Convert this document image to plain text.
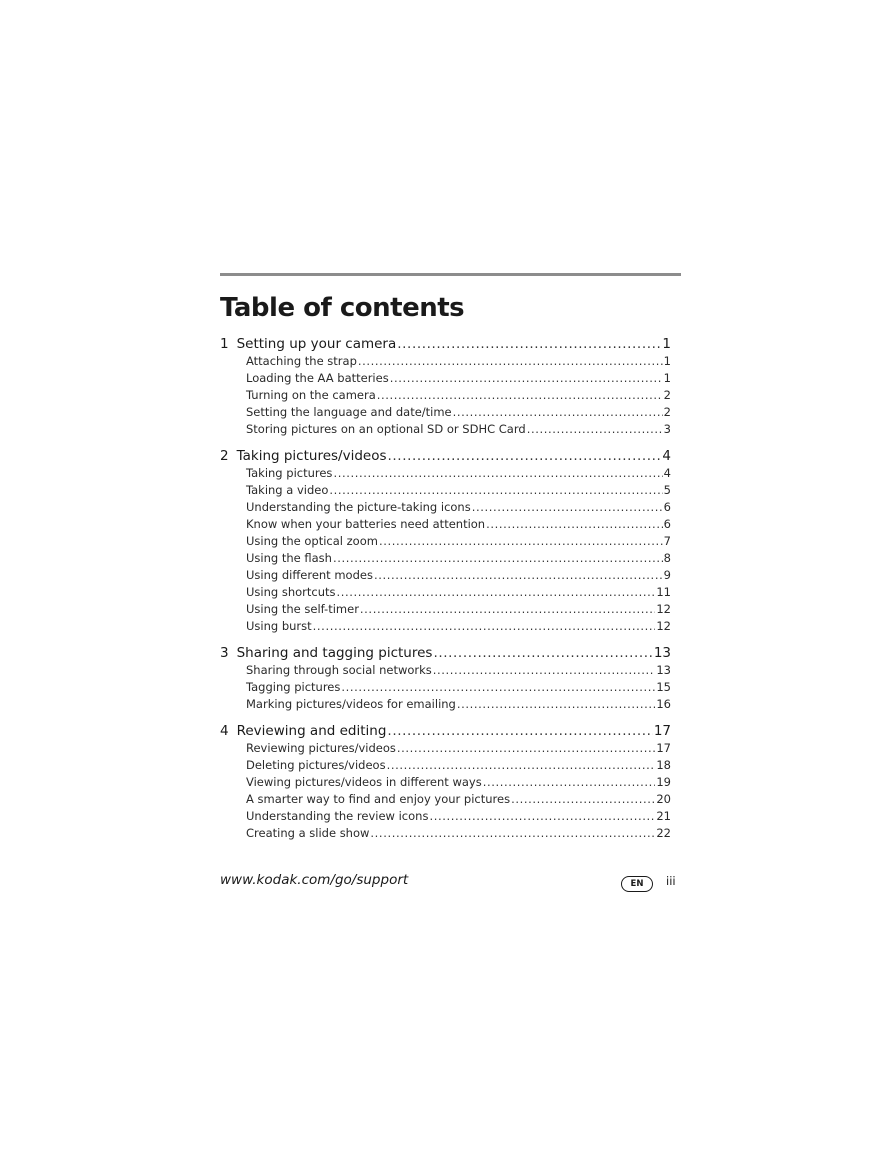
Table of contents
1 Setting up your camera .....	1
Attaching the strap .....	1
Loading the AA batteries .....	1
Turning on the camera .....	2
Setting the language and date/time .....	2
Storing pictures on an optional SD or SDHC Card .....	3
2 Taking pictures/videos .....	4
Taking pictures .....	4
Taking a video .....	5
Understanding the picture-taking icons .....	6
Know when your batteries need attention .....	6
Using the optical zoom .....	7
Using the flash .....	8
Using different modes .....	9
Using shortcuts .....	11
Using the self-timer .....	12
Using burst .....	12
3 Sharing and tagging pictures .....	13
Sharing through social networks .....	13
Tagging pictures .....	15
Marking pictures/videos for emailing .....	16
4 Reviewing and editing .....	17
Reviewing pictures/videos .....	17
Deleting pictures/videos .....	18
Viewing pictures/videos in different ways .....	19
A smarter way to find and enjoy your pictures .....	20
Understanding the review icons .....	21
Creating a slide show .....	22
www.kodak.com/go/support	EN	iii
